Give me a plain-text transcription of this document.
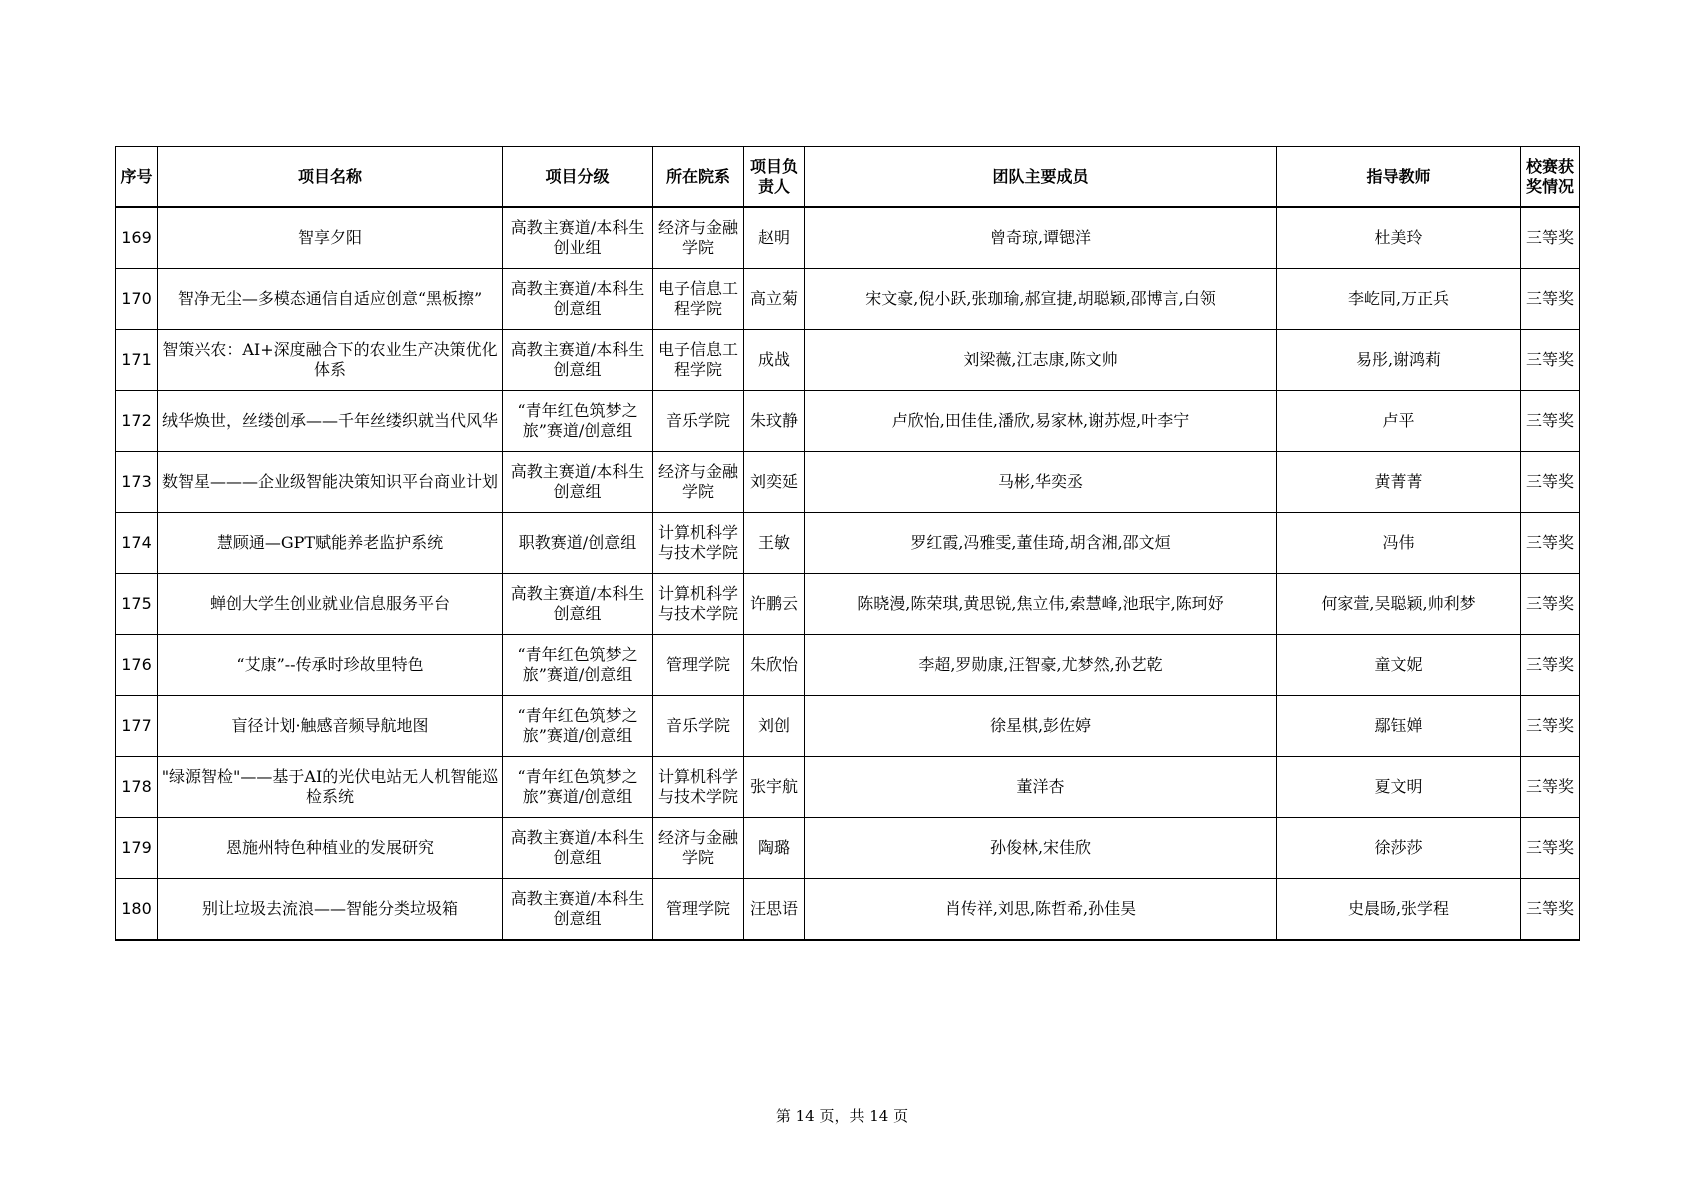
序号	项目名称	项目分级	所在院系	项目负责人	团队主要成员	指导教师	校赛获奖情况
169	智享夕阳	高教主赛道/本科生创业组	经济与金融学院	赵明	曾奇琼,谭锶洋	杜美玲	三等奖
170	智净无尘—多模态通信自适应创意“黑板擦”	高教主赛道/本科生创意组	电子信息工程学院	高立菊	宋文豪,倪小跃,张珈瑜,郝宣捷,胡聪颖,邵博言,白领	李屹同,万正兵	三等奖
171	智策兴农：AI+深度融合下的农业生产决策优化体系	高教主赛道/本科生创意组	电子信息工程学院	成战	刘梁薇,江志康,陈文帅	易彤,谢鸿莉	三等奖
172	绒华焕世，丝缕创承——千年丝缕织就当代风华	“青年红色筑梦之旅”赛道/创意组	音乐学院	朱玟静	卢欣怡,田佳佳,潘欣,易家林,谢苏煜,叶李宁	卢平	三等奖
173	数智星———企业级智能决策知识平台商业计划	高教主赛道/本科生创意组	经济与金融学院	刘奕延	马彬,华奕丞	黄菁菁	三等奖
174	慧顾通—GPT赋能养老监护系统	职教赛道/创意组	计算机科学与技术学院	王敏	罗红霞,冯雅雯,董佳琦,胡含湘,邵文烜	冯伟	三等奖
175	蝉创大学生创业就业信息服务平台	高教主赛道/本科生创意组	计算机科学与技术学院	许鹏云	陈晓漫,陈荣琪,黄思锐,焦立伟,索慧峰,池珉宇,陈珂妤	何家萱,吴聪颖,帅利梦	三等奖
176	“艾康”--传承时珍故里特色	“青年红色筑梦之旅”赛道/创意组	管理学院	朱欣怡	李超,罗勋康,汪智豪,尤梦然,孙艺乾	童文妮	三等奖
177	盲径计划·触感音频导航地图	“青年红色筑梦之旅”赛道/创意组	音乐学院	刘创	徐星棋,彭佐婷	鄢钰婵	三等奖
178	"绿源智检"——基于AI的光伏电站无人机智能巡检系统	“青年红色筑梦之旅”赛道/创意组	计算机科学与技术学院	张宇航	董洋杏	夏文明	三等奖
179	恩施州特色种植业的发展研究	高教主赛道/本科生创意组	经济与金融学院	陶璐	孙俊林,宋佳欣	徐莎莎	三等奖
180	别让垃圾去流浪——智能分类垃圾箱	高教主赛道/本科生创意组	管理学院	汪思语	肖传祥,刘思,陈哲希,孙佳昊	史晨旸,张学程	三等奖
第 14 页，共 14 页
